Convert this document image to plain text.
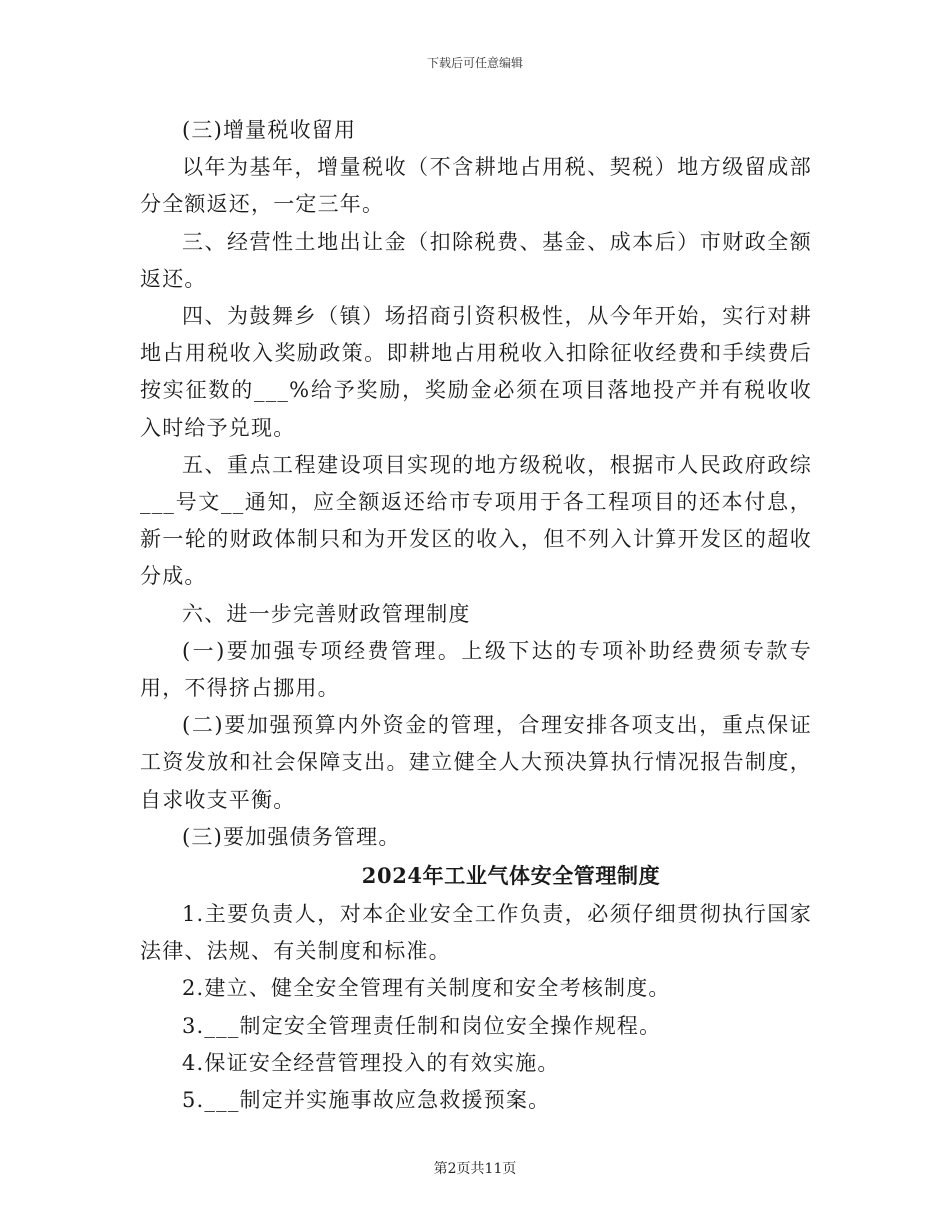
下载后可任意编辑

(三)增量税收留用

以年为基年，增量税收（不含耕地占用税、契税）地方级留成部分全额返还，一定三年。

三、经营性土地出让金（扣除税费、基金、成本后）市财政全额返还。

四、为鼓舞乡（镇）场招商引资积极性，从今年开始，实行对耕地占用税收入奖励政策。即耕地占用税收入扣除征收经费和手续费后按实征数的___%给予奖励，奖励金必须在项目落地投产并有税收收入时给予兑现。

五、重点工程建设项目实现的地方级税收，根据市人民政府政综___号文__通知，应全额返还给市专项用于各工程项目的还本付息，新一轮的财政体制只和为开发区的收入，但不列入计算开发区的超收分成。

六、进一步完善财政管理制度

(一)要加强专项经费管理。上级下达的专项补助经费须专款专用，不得挤占挪用。

(二)要加强预算内外资金的管理，合理安排各项支出，重点保证工资发放和社会保障支出。建立健全人大预决算执行情况报告制度，自求收支平衡。

(三)要加强债务管理。

2024年工业气体安全管理制度

1.主要负责人，对本企业安全工作负责，必须仔细贯彻执行国家法律、法规、有关制度和标准。

2.建立、健全安全管理有关制度和安全考核制度。

3.___制定安全管理责任制和岗位安全操作规程。

4.保证安全经营管理投入的有效实施。

5.___制定并实施事故应急救援预案。

第2页共11页
